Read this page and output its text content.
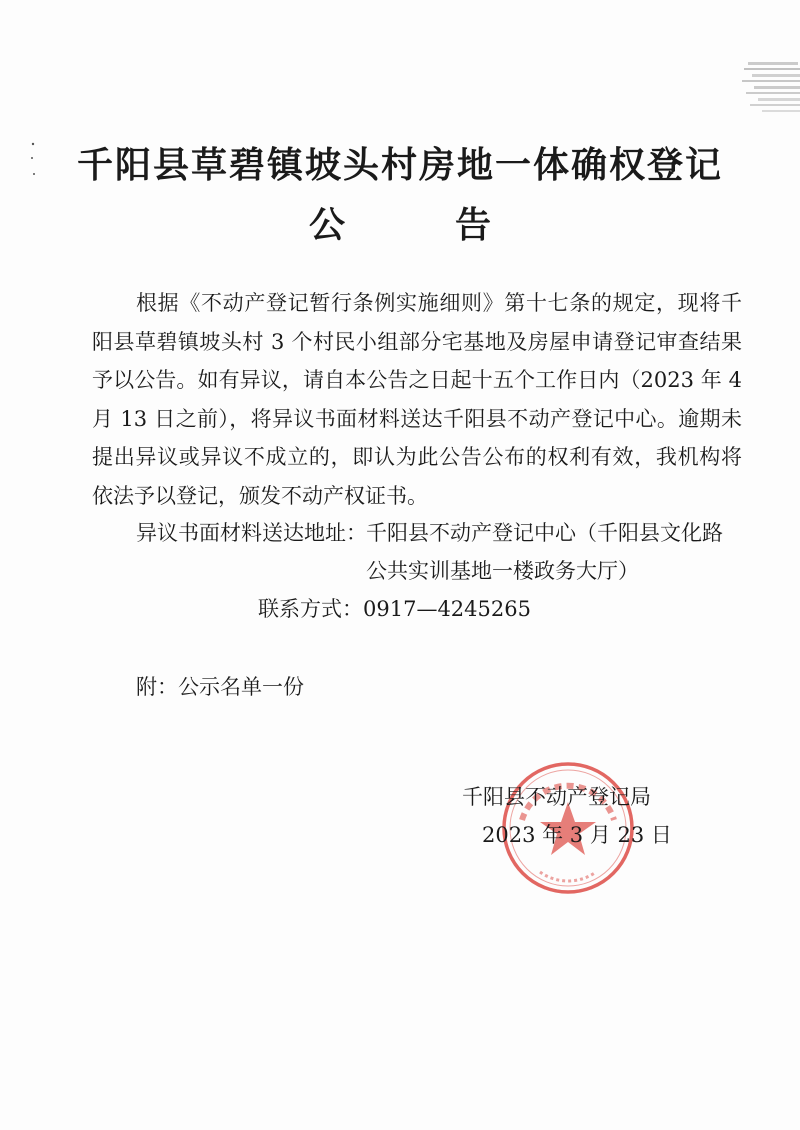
千阳县草碧镇坡头村房地一体确权登记
公告

根据《不动产登记暂行条例实施细则》第十七条的规定，现将千阳县草碧镇坡头村 3 个村民小组部分宅基地及房屋申请登记审查结果予以公告。如有异议，请自本公告之日起十五个工作日内（2023 年 4 月 13 日之前），将异议书面材料送达千阳县不动产登记中心。逾期未提出异议或异议不成立的，即认为此公告公布的权利有效，我机构将依法予以登记，颁发不动产权证书。

异议书面材料送达地址： 千阳县不动产登记中心（千阳县文化路
公共实训基地一楼政务大厅）
联系方式：0917—4245265
附：公示名单一份
千阳县不动产登记局
2023 年 3 月 23 日
